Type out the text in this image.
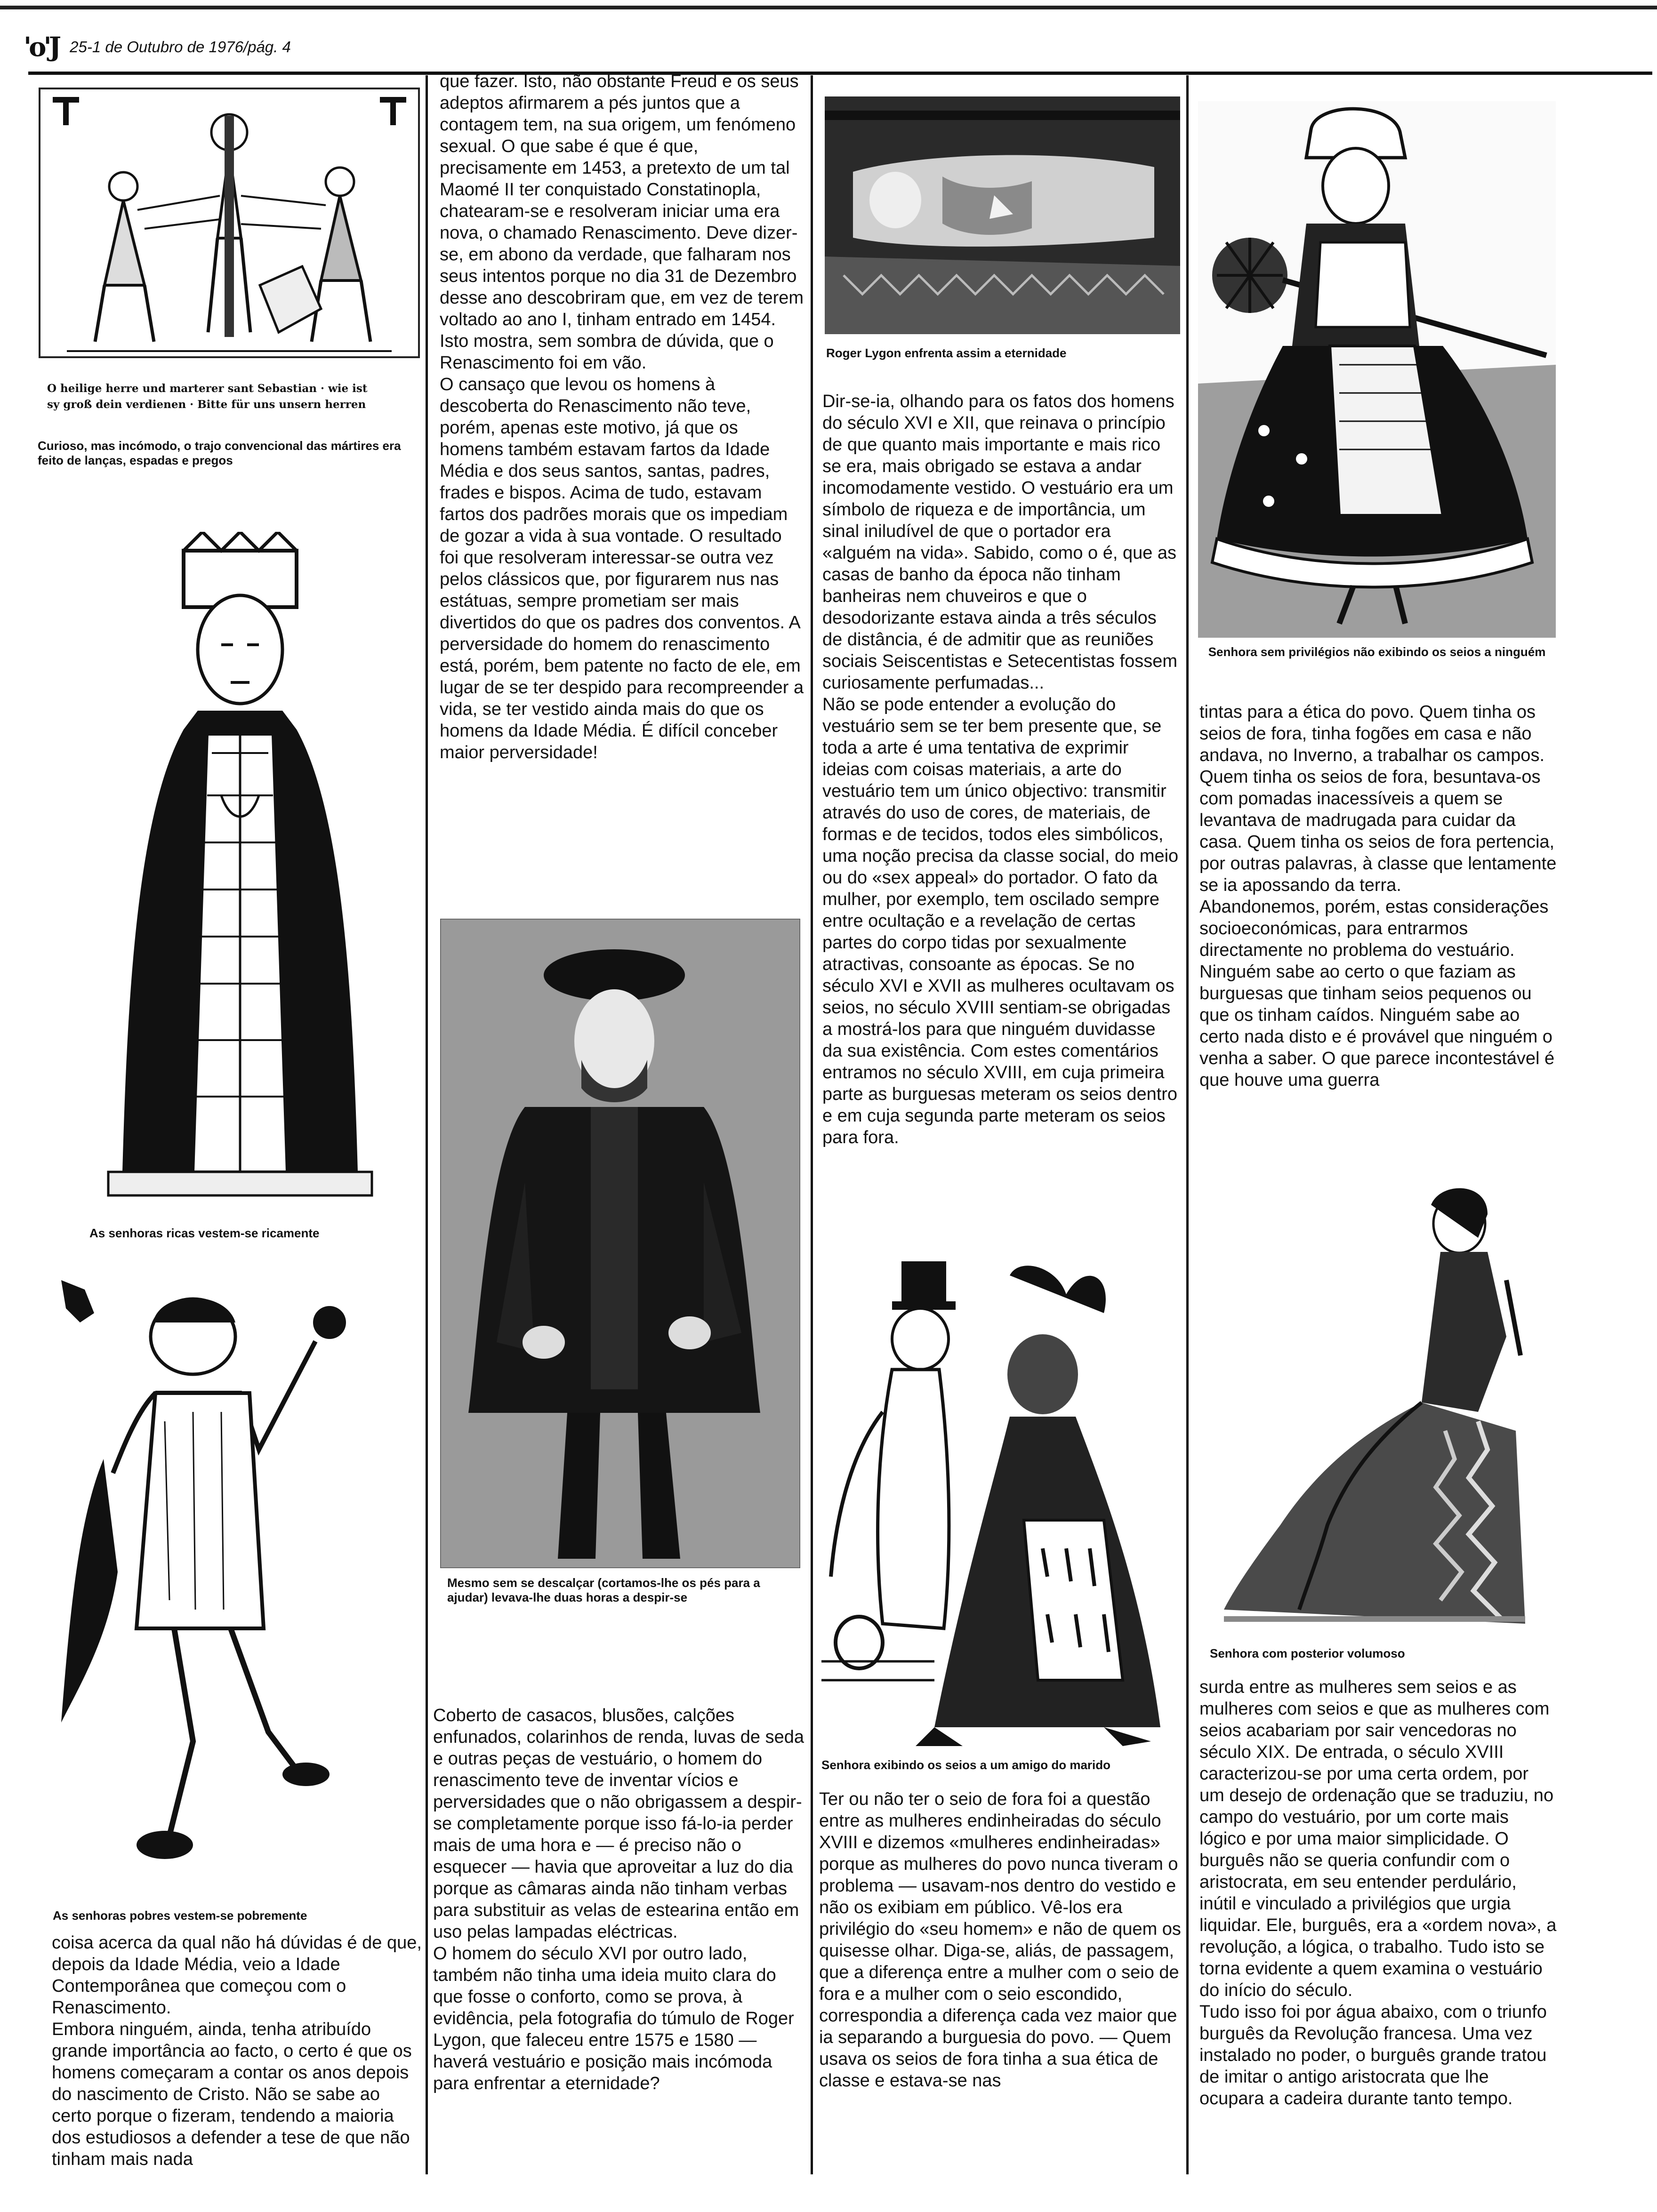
'o'J 25-1 de Outubro de 1976/pág. 4
O heilige herre und marterer sant Sebastian · wie ist
sy groß dein verdienen · Bitte für uns unsern herren
Curioso, mas incómodo, o trajo convencional das mártires era feito de lanças, espadas e pregos
As senhoras ricas vestem-se ricamente
As senhoras pobres vestem-se pobremente

coisa acerca da qual não há dúvidas é de que, depois da Idade Média, veio a Idade Contemporânea que começou com o Renascimento.

Embora ninguém, ainda, tenha atribuído grande importância ao facto, o certo é que os homens começaram a contar os anos depois do nascimento de Cristo. Não se sabe ao certo porque o fizeram, tendendo a maioria dos estudiosos a defender a tese de que não tinham mais nada

que fazer. Isto, não obstante Freud e os seus adeptos afirmarem a pés juntos que a contagem tem, na sua origem, um fenómeno sexual. O que sabe é que é que, precisamente em 1453, a pretexto de um tal Maomé II ter conquistado Constatinopla, chatearam-se e resolveram iniciar uma era nova, o chamado Renascimento. Deve dizer-se, em abono da verdade, que falharam nos seus intentos porque no dia 31 de Dezembro desse ano descobriram que, em vez de terem voltado ao ano I, tinham entrado em 1454. Isto mostra, sem sombra de dúvida, que o Renascimento foi em vão.

O cansaço que levou os homens à descoberta do Renascimento não teve, porém, apenas este motivo, já que os homens também estavam fartos da Idade Média e dos seus santos, santas, padres, frades e bispos. Acima de tudo, estavam fartos dos padrões morais que os impediam de gozar a vida à sua vontade. O resultado foi que resolveram interessar-se outra vez pelos clássicos que, por figurarem nus nas estátuas, sempre prometiam ser mais divertidos do que os padres dos conventos. A perversidade do homem do renascimento está, porém, bem patente no facto de ele, em lugar de se ter despido para recompreender a vida, se ter vestido ainda mais do que os homens da Idade Média. É difícil conceber maior perversidade!

Mesmo sem se descalçar (cortamos-lhe os pés para a ajudar) levava-lhe duas horas a despir-se

Coberto de casacos, blusões, calções enfunados, colarinhos de renda, luvas de seda e outras peças de vestuário, o homem do renascimento teve de inventar vícios e perversidades que o não obrigassem a despir-se completamente porque isso fá-lo-ia perder mais de uma hora e — é preciso não o esquecer — havia que aproveitar a luz do dia porque as câmaras ainda não tinham verbas para substituir as velas de estearina então em uso pelas lampadas eléctricas.

O homem do século XVI por outro lado, também não tinha uma ideia muito clara do que fosse o conforto, como se prova, à evidência, pela fotografia do túmulo de Roger Lygon, que faleceu entre 1575 e 1580 — haverá vestuário e posição mais incómoda para enfrentar a eternidade?

Roger Lygon enfrenta assim a eternidade

Dir-se-ia, olhando para os fatos dos homens do século XVI e XII, que reinava o princípio de que quanto mais importante e mais rico se era, mais obrigado se estava a andar incomodamente vestido. O vestuário era um símbolo de riqueza e de importância, um sinal iniludível de que o portador era «alguém na vida». Sabido, como o é, que as casas de banho da época não tinham banheiras nem chuveiros e que o desodorizante estava ainda a três séculos de distância, é de admitir que as reuniões sociais Seiscentistas e Setecentistas fossem curiosamente perfumadas...

Não se pode entender a evolução do vestuário sem se ter bem presente que, se toda a arte é uma tentativa de exprimir ideias com coisas materiais, a arte do vestuário tem um único objectivo: transmitir através do uso de cores, de materiais, de formas e de tecidos, todos eles simbólicos, uma noção precisa da classe social, do meio ou do «sex appeal» do portador. O fato da mulher, por exemplo, tem oscilado sempre entre ocultação e a revelação de certas partes do corpo tidas por sexualmente atractivas, consoante as épocas. Se no século XVI e XVII as mulheres ocultavam os seios, no século XVIII sentiam-se obrigadas a mostrá-los para que ninguém duvidasse da sua existência. Com estes comentários entramos no século XVIII, em cuja primeira parte as burguesas meteram os seios dentro e em cuja segunda parte meteram os seios para fora.

Senhora exibindo os seios a um amigo do marido

Ter ou não ter o seio de fora foi a questão entre as mulheres endinheiradas do século XVIII e dizemos «mulheres endinheiradas» porque as mulheres do povo nunca tiveram o problema — usavam-nos dentro do vestido e não os exibiam em público. Vê-los era privilégio do «seu homem» e não de quem os quisesse olhar. Diga-se, aliás, de passagem, que a diferença entre a mulher com o seio de fora e a mulher com o seio escondido, correspondia a diferença cada vez maior que ia separando a burguesia do povo. — Quem usava os seios de fora tinha a sua ética de classe e estava-se nas

Senhora sem privilégios não exibindo os seios a ninguém

tintas para a ética do povo. Quem tinha os seios de fora, tinha fogões em casa e não andava, no Inverno, a trabalhar os campos. Quem tinha os seios de fora, besuntava-os com pomadas inacessíveis a quem se levantava de madrugada para cuidar da casa. Quem tinha os seios de fora pertencia, por outras palavras, à classe que lentamente se ia apossando da terra.

Abandonemos, porém, estas considerações socioeconómicas, para entrarmos directamente no problema do vestuário. Ninguém sabe ao certo o que faziam as burguesas que tinham seios pequenos ou que os tinham caídos. Ninguém sabe ao certo nada disto e é provável que ninguém o venha a saber. O que parece incontestável é que houve uma guerra

Senhora com posterior volumoso

surda entre as mulheres sem seios e as mulheres com seios e que as mulheres com seios acabariam por sair vencedoras no século XIX. De entrada, o século XVIII caracterizou-se por uma certa ordem, por um desejo de ordenação que se traduziu, no campo do vestuário, por um corte mais lógico e por uma maior simplicidade. O burguês não se queria confundir com o aristocrata, em seu entender perdulário, inútil e vinculado a privilégios que urgia liquidar. Ele, burguês, era a «ordem nova», a revolução, a lógica, o trabalho. Tudo isto se torna evidente a quem examina o vestuário do início do século.

Tudo isso foi por água abaixo, com o triunfo burguês da Revolução francesa. Uma vez instalado no poder, o burguês grande tratou de imitar o antigo aristocrata que lhe ocupara a cadeira durante tanto tempo.
